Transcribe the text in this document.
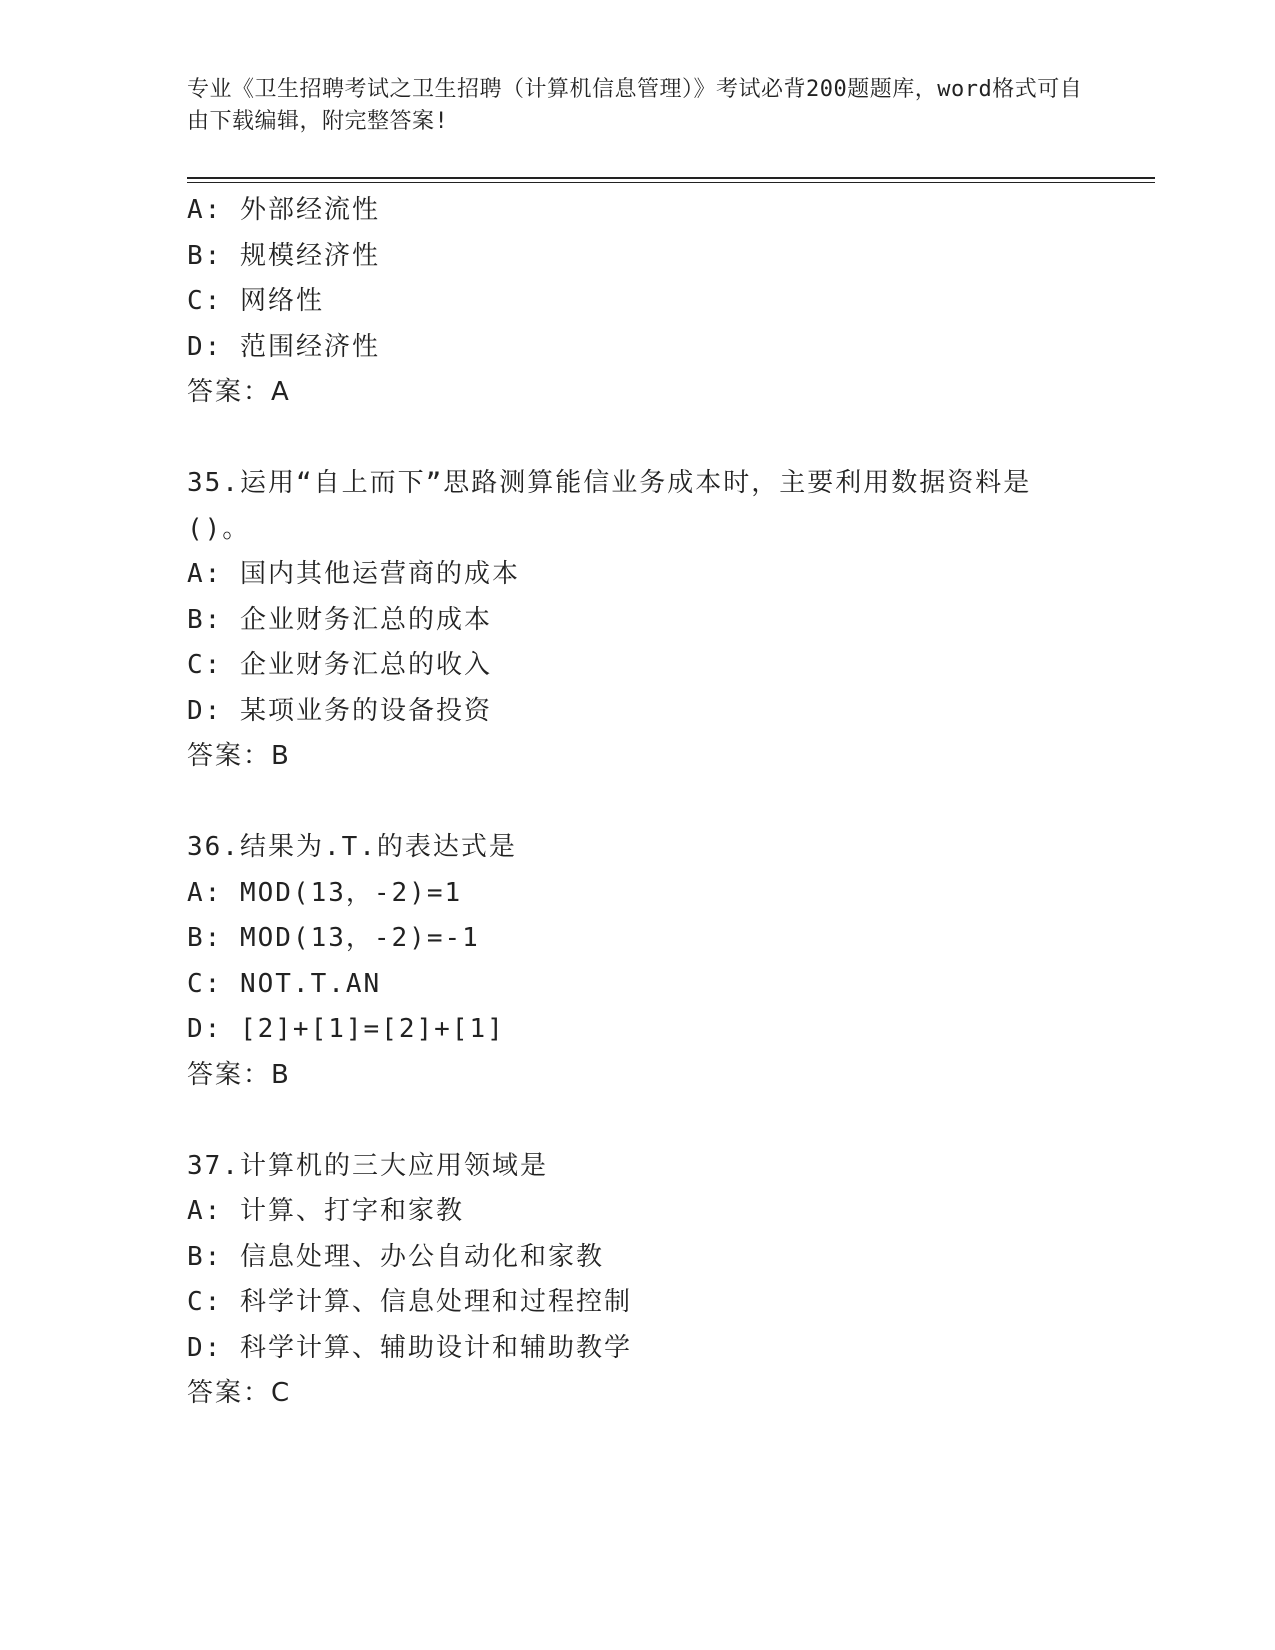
专业《卫生招聘考试之卫生招聘（计算机信息管理）》考试必背200题题库，word格式可自由下载编辑，附完整答案!
A: 外部经流性
B: 规模经济性
C: 网络性
D: 范围经济性
答案：A
35.运用“自上而下”思路测算能信业务成本时，主要利用数据资料是()。
A: 国内其他运营商的成本
B: 企业财务汇总的成本
C: 企业财务汇总的收入
D: 某项业务的设备投资
答案：B
36.结果为.T.的表达式是
A: MOD(13，-2)=1
B: MOD(13，-2)=-1
C: NOT.T.AN
D: [2]+[1]=[2]+[1]
答案：B
37.计算机的三大应用领域是
A: 计算、打字和家教
B: 信息处理、办公自动化和家教
C: 科学计算、信息处理和过程控制
D: 科学计算、辅助设计和辅助教学
答案：C
